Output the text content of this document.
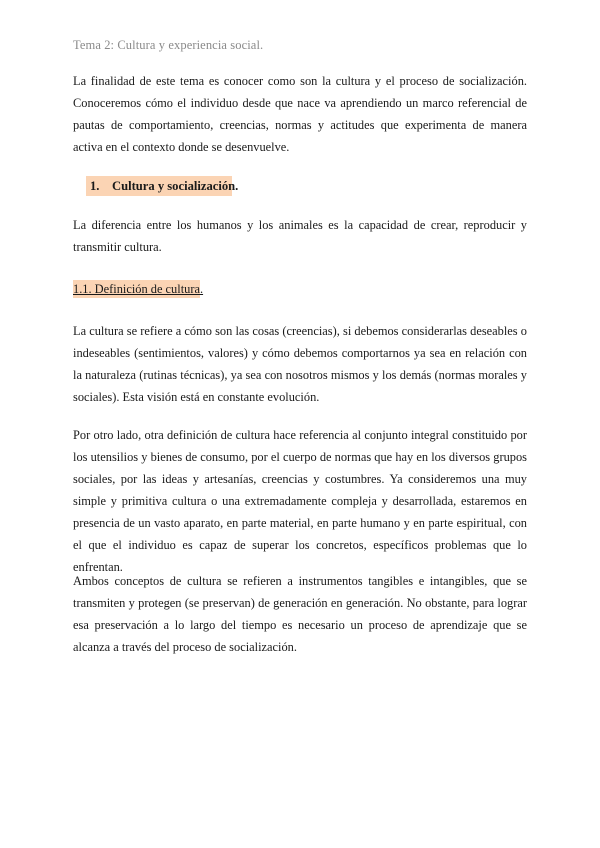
Tema 2: Cultura y experiencia social.

La finalidad de este tema es conocer como son la cultura y el proceso de socialización. Conoceremos cómo el individuo desde que nace va aprendiendo un marco referencial de pautas de comportamiento, creencias, normas y actitudes que experimenta de manera activa en el contexto donde se desenvuelve.

1. Cultura y socialización.

La diferencia entre los humanos y los animales es la capacidad de crear, reproducir y transmitir cultura.

1.1. Definición de cultura.

La cultura se refiere a cómo son las cosas (creencias), si debemos considerarlas deseables o indeseables (sentimientos, valores) y cómo debemos comportarnos ya sea en relación con la naturaleza (rutinas técnicas), ya sea con nosotros mismos y los demás (normas morales y sociales). Esta visión está en constante evolución.

Por otro lado, otra definición de cultura hace referencia al conjunto integral constituido por los utensilios y bienes de consumo, por el cuerpo de normas que hay en los diversos grupos sociales, por las ideas y artesanías, creencias y costumbres. Ya consideremos una muy simple y primitiva cultura o una extremadamente compleja y desarrollada, estaremos en presencia de un vasto aparato, en parte material, en parte humano y en parte espiritual, con el que el individuo es capaz de superar los concretos, específicos problemas que lo enfrentan.

Ambos conceptos de cultura se refieren a instrumentos tangibles e intangibles, que se transmiten y protegen (se preservan) de generación en generación. No obstante, para lograr esa preservación a lo largo del tiempo es necesario un proceso de aprendizaje que se alcanza a través del proceso de socialización.
